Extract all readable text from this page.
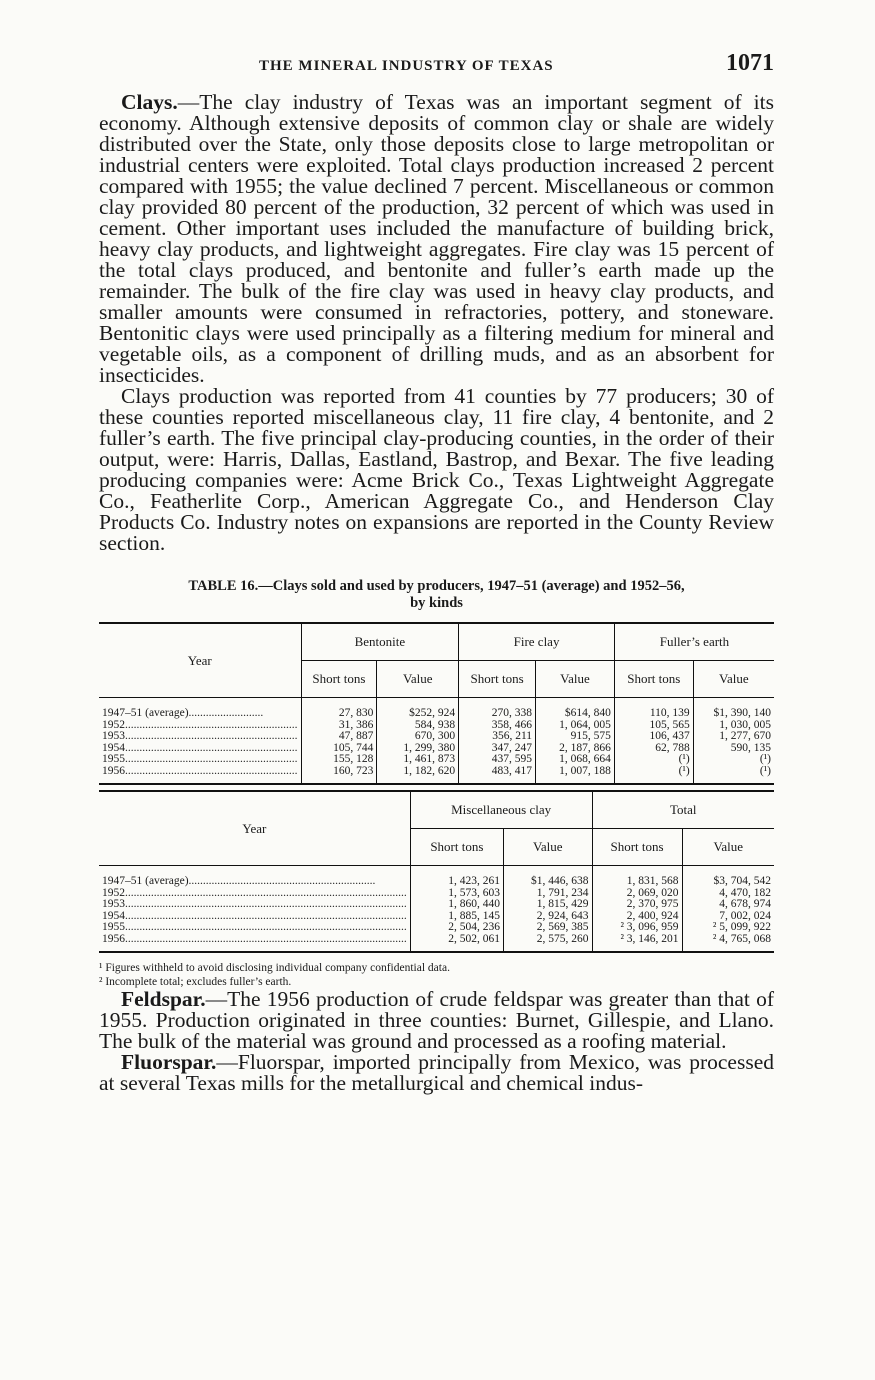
THE MINERAL INDUSTRY OF TEXAS	1071

Clays.—The clay industry of Texas was an important segment of its economy. Although extensive deposits of common clay or shale are widely distributed over the State, only those deposits close to large metropolitan or industrial centers were exploited. Total clays production increased 2 percent compared with 1955; the value declined 7 percent. Miscellaneous or common clay provided 80 percent of the production, 32 percent of which was used in cement. Other important uses included the manufacture of building brick, heavy clay products, and lightweight aggregates. Fire clay was 15 percent of the total clays produced, and bentonite and fuller’s earth made up the remainder. The bulk of the fire clay was used in heavy clay products, and smaller amounts were consumed in refractories, pottery, and stoneware. Bentonitic clays were used principally as a filtering medium for mineral and vegetable oils, as a component of drilling muds, and as an absorbent for insecticides.

Clays production was reported from 41 counties by 77 producers; 30 of these counties reported miscellaneous clay, 11 fire clay, 4 bentonite, and 2 fuller’s earth. The five principal clay-producing counties, in the order of their output, were: Harris, Dallas, Eastland, Bastrop, and Bexar. The five leading producing companies were: Acme Brick Co., Texas Lightweight Aggregate Co., Featherlite Corp., American Aggregate Co., and Henderson Clay Products Co. Industry notes on expansions are reported in the County Review section.

TABLE 16.—Clays sold and used by producers, 1947–51 (average) and 1952–56,
by kinds
Year	Bentonite		Fire clay		Fuller’s earth	
	Short tons	Value	Short tons	Value	Short tons	Value

1947–51 (average)..........................	27, 830	$252, 924	270, 338	$614, 840	110, 139	$1, 390, 140
1952............................................................	31, 386	584, 938	358, 466	1, 064, 005	105, 565	1, 030, 005
1953............................................................	47, 887	670, 300	356, 211	915, 575	106, 437	1, 277, 670
1954............................................................	105, 744	1, 299, 380	347, 247	2, 187, 866	62, 788	590, 135
1955............................................................	155, 128	1, 461, 873	437, 595	1, 068, 664	(¹)	(¹)
1956............................................................	160, 723	1, 182, 620	483, 417	1, 007, 188	(¹)	(¹)

Year	Miscellaneous clay		Total	
	Short tons	Value	Short tons	Value

1947–51 (average).................................................................	1, 423, 261	$1, 446, 638	1, 831, 568	$3, 704, 542
1952..................................................................................................	1, 573, 603	1, 791, 234	2, 069, 020	4, 470, 182
1953..................................................................................................	1, 860, 440	1, 815, 429	2, 370, 975	4, 678, 974
1954..................................................................................................	1, 885, 145	2, 924, 643	2, 400, 924	7, 002, 024
1955..................................................................................................	2, 504, 236	2, 569, 385	² 3, 096, 959	² 5, 099, 922
1956..................................................................................................	2, 502, 061	2, 575, 260	² 3, 146, 201	² 4, 765, 068

¹ Figures withheld to avoid disclosing individual company confidential data.
² Incomplete total; excludes fuller’s earth.

Feldspar.—The 1956 production of crude feldspar was greater than that of 1955. Production originated in three counties: Burnet, Gillespie, and Llano. The bulk of the material was ground and processed as a roofing material.

Fluorspar.—Fluorspar, imported principally from Mexico, was processed at several Texas mills for the metallurgical and chemical indus-
